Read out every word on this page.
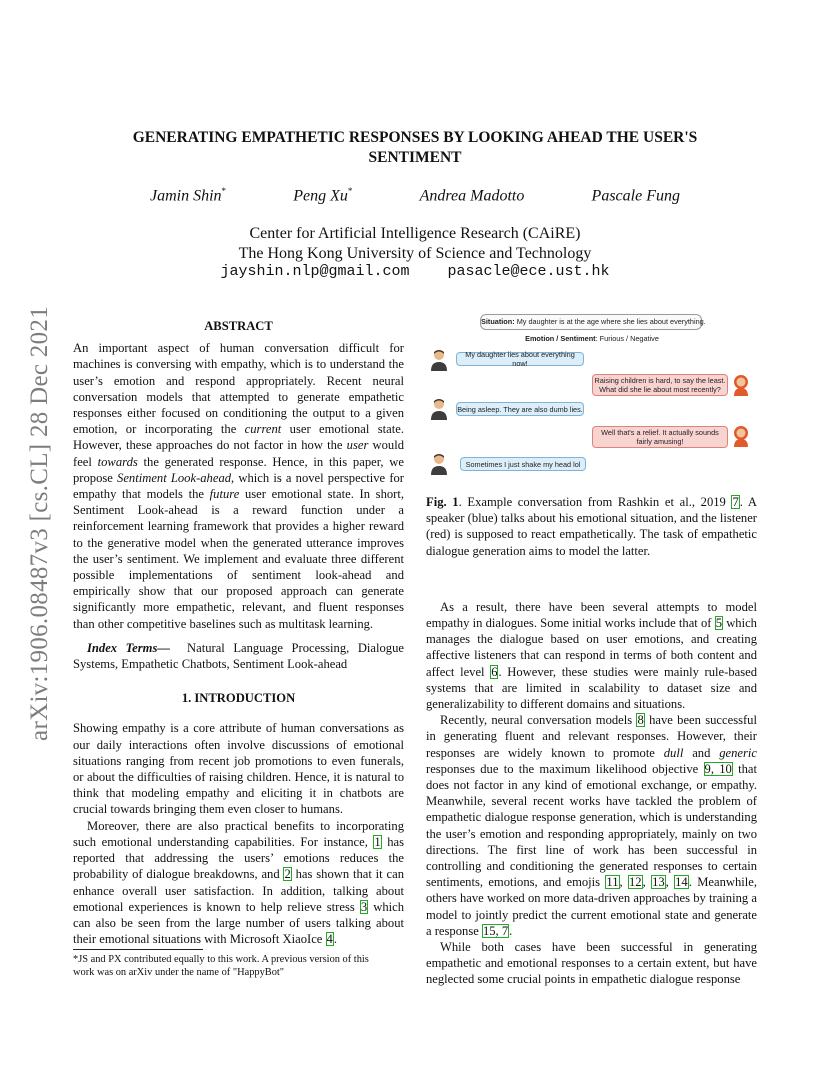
arXiv:1906.08487v3 [cs.CL] 28 Dec 2021
GENERATING EMPATHETIC RESPONSES BY LOOKING AHEAD THE USER'S SENTIMENT
Jamin Shin*	Peng Xu*	Andrea Madotto	Pascale Fung
Center for Artificial Intelligence Research (CAiRE)
The Hong Kong University of Science and Technology
jayshin.nlp@gmail.com	pasacle@ece.ust.hk

ABSTRACT

An important aspect of human conversation difficult for machines is conversing with empathy, which is to understand the user’s emotion and respond appropriately. Recent neural conversation models that attempted to generate empathetic responses either focused on conditioning the output to a given emotion, or incorporating the current user emotional state. However, these approaches do not factor in how the user would feel towards the generated response. Hence, in this paper, we propose Sentiment Look-ahead, which is a novel perspective for empathy that models the future user emotional state. In short, Sentiment Look-ahead is a reward function under a reinforcement learning framework that provides a higher reward to the generative model when the generated utterance improves the user’s sentiment. We implement and evaluate three different possible implementations of sentiment look-ahead and empirically show that our proposed approach can generate significantly more empathetic, relevant, and fluent responses than other competitive baselines such as multitask learning.

Index Terms— Natural Language Processing, Dialogue Systems, Empathetic Chatbots, Sentiment Look-ahead

1. INTRODUCTION

Showing empathy is a core attribute of human conversations as our daily interactions often involve discussions of emotional situations ranging from recent job promotions to even funerals, or about the difficulties of raising children. Hence, it is natural to think that modeling empathy and eliciting it in chatbots are crucial towards bringing them even closer to humans.

Moreover, there are also practical benefits to incorporating such emotional understanding capabilities. For instance, 1 has reported that addressing the users’ emotions reduces the probability of dialogue breakdowns, and 2 has shown that it can enhance overall user satisfaction. In addition, talking about emotional experiences is known to help relieve stress 3 which can also be seen from the large number of users talking about their emotional situations with Microsoft XiaoIce 4.

*JS and PX contributed equally to this work. A previous version of this
work was on arXiv under the name of "HappyBot"
Situation: My daughter is at the age where she lies about everything.
Emotion / Sentiment: Furious / Negative
My daughter lies about everything now!
Raising children is hard, to say the least. What did she lie about most recently?
Being asleep. They are also dumb lies.
Well that's a relief. It actually sounds fairly amusing!
Sometimes I just shake my head lol

Fig. 1. Example conversation from Rashkin et al., 2019 7. A speaker (blue) talks about his emotional situation, and the listener (red) is supposed to react empathetically. The task of empathetic dialogue generation aims to model the latter.

As a result, there have been several attempts to model empathy in dialogues. Some initial works include that of 5 which manages the dialogue based on user emotions, and creating affective listeners that can respond in terms of both content and affect level 6. However, these studies were mainly rule-based systems that are limited in scalability to dataset size and generalizability to different domains and situations.

Recently, neural conversation models 8 have been successful in generating fluent and relevant responses. However, their responses are widely known to promote dull and generic responses due to the maximum likelihood objective 9, 10 that does not factor in any kind of emotional exchange, or empathy. Meanwhile, several recent works have tackled the problem of empathetic dialogue response generation, which is understanding the user’s emotion and responding appropriately, mainly on two directions. The first line of work has been successful in controlling and conditioning the generated responses to certain sentiments, emotions, and emojis 11, 12, 13, 14. Meanwhile, others have worked on more data-driven approaches by training a model to jointly predict the current emotional state and generate a response 15, 7.

While both cases have been successful in generating empathetic and emotional responses to a certain extent, but have neglected some crucial points in empathetic dialogue response
